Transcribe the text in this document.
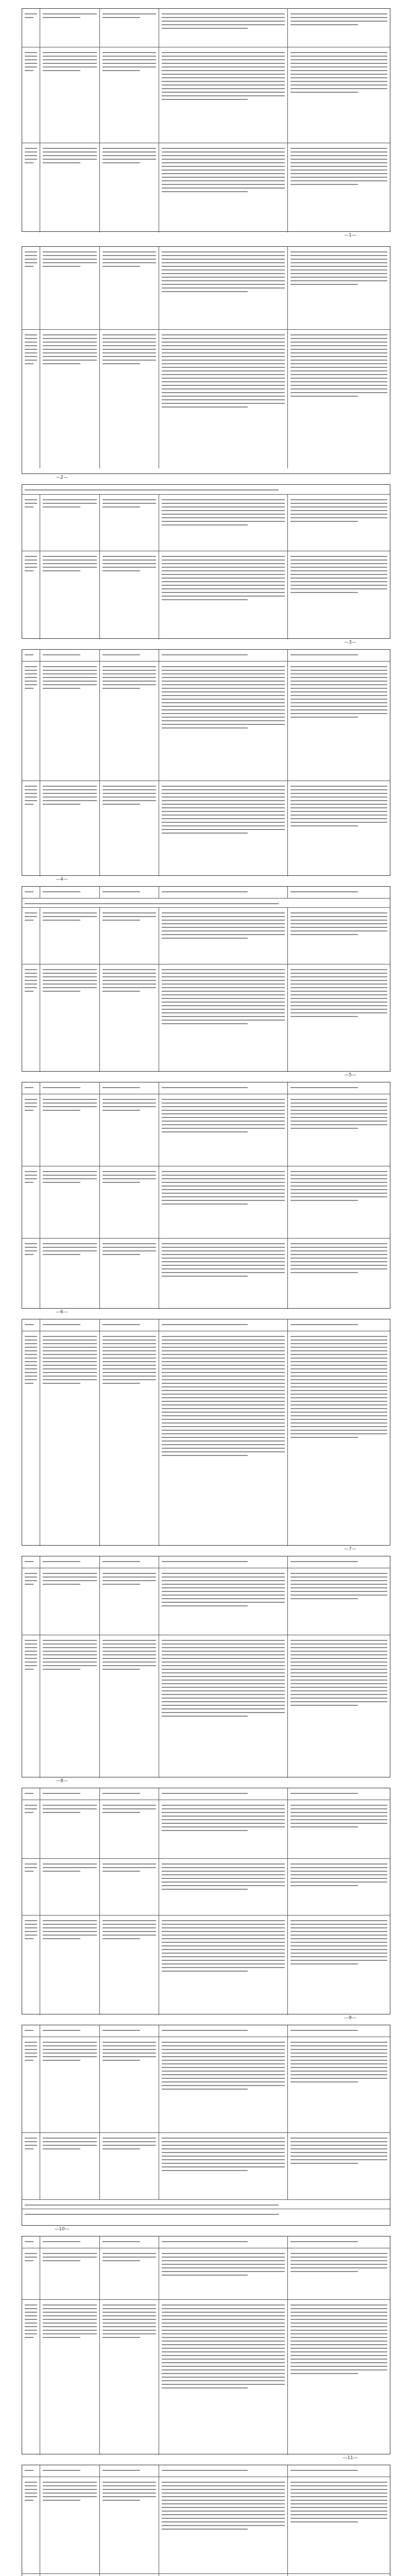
—1—
—2—
—3—
—4—
—5—
—6—
—7—
—8—
—9—
—10—
—11—
